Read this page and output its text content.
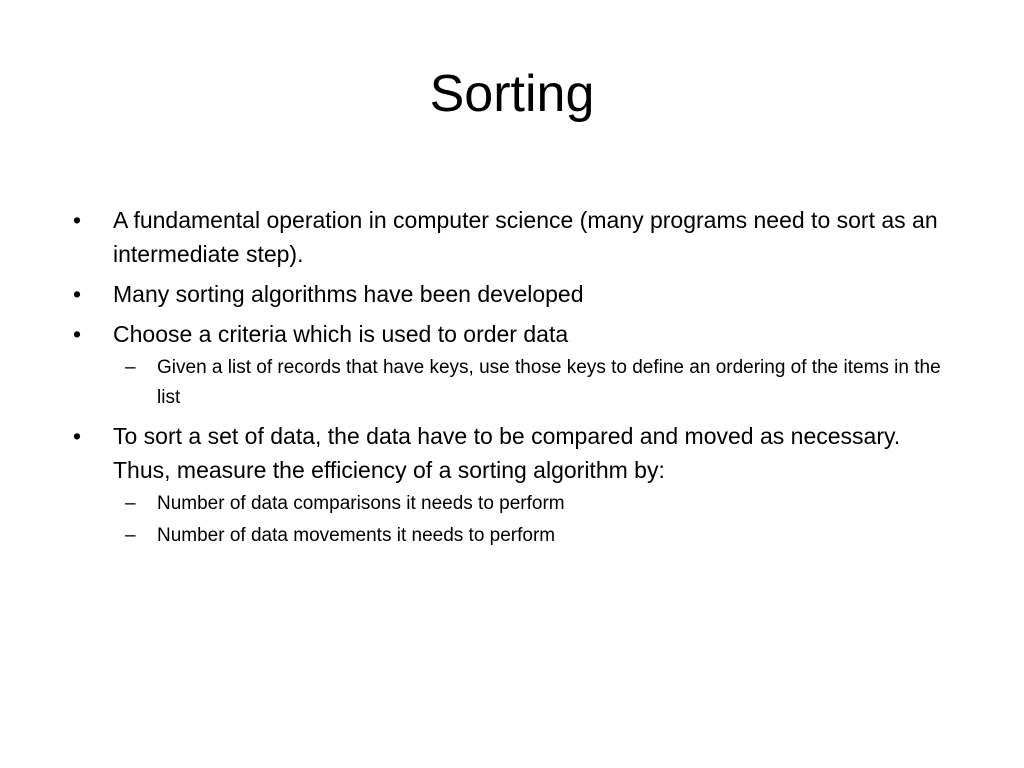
Sorting
•	A fundamental operation in computer science (many programs need to sort as an intermediate step).
•	Many sorting algorithms have been developed
•	Choose a criteria which is used to order data
– Given a list of records that have keys, use those keys to define an ordering of the items in the list
•	To sort a set of data, the data have to be compared and moved as necessary. Thus, measure the efficiency of a sorting algorithm by:
– Number of data comparisons it needs to perform
– Number of data movements it needs to perform
